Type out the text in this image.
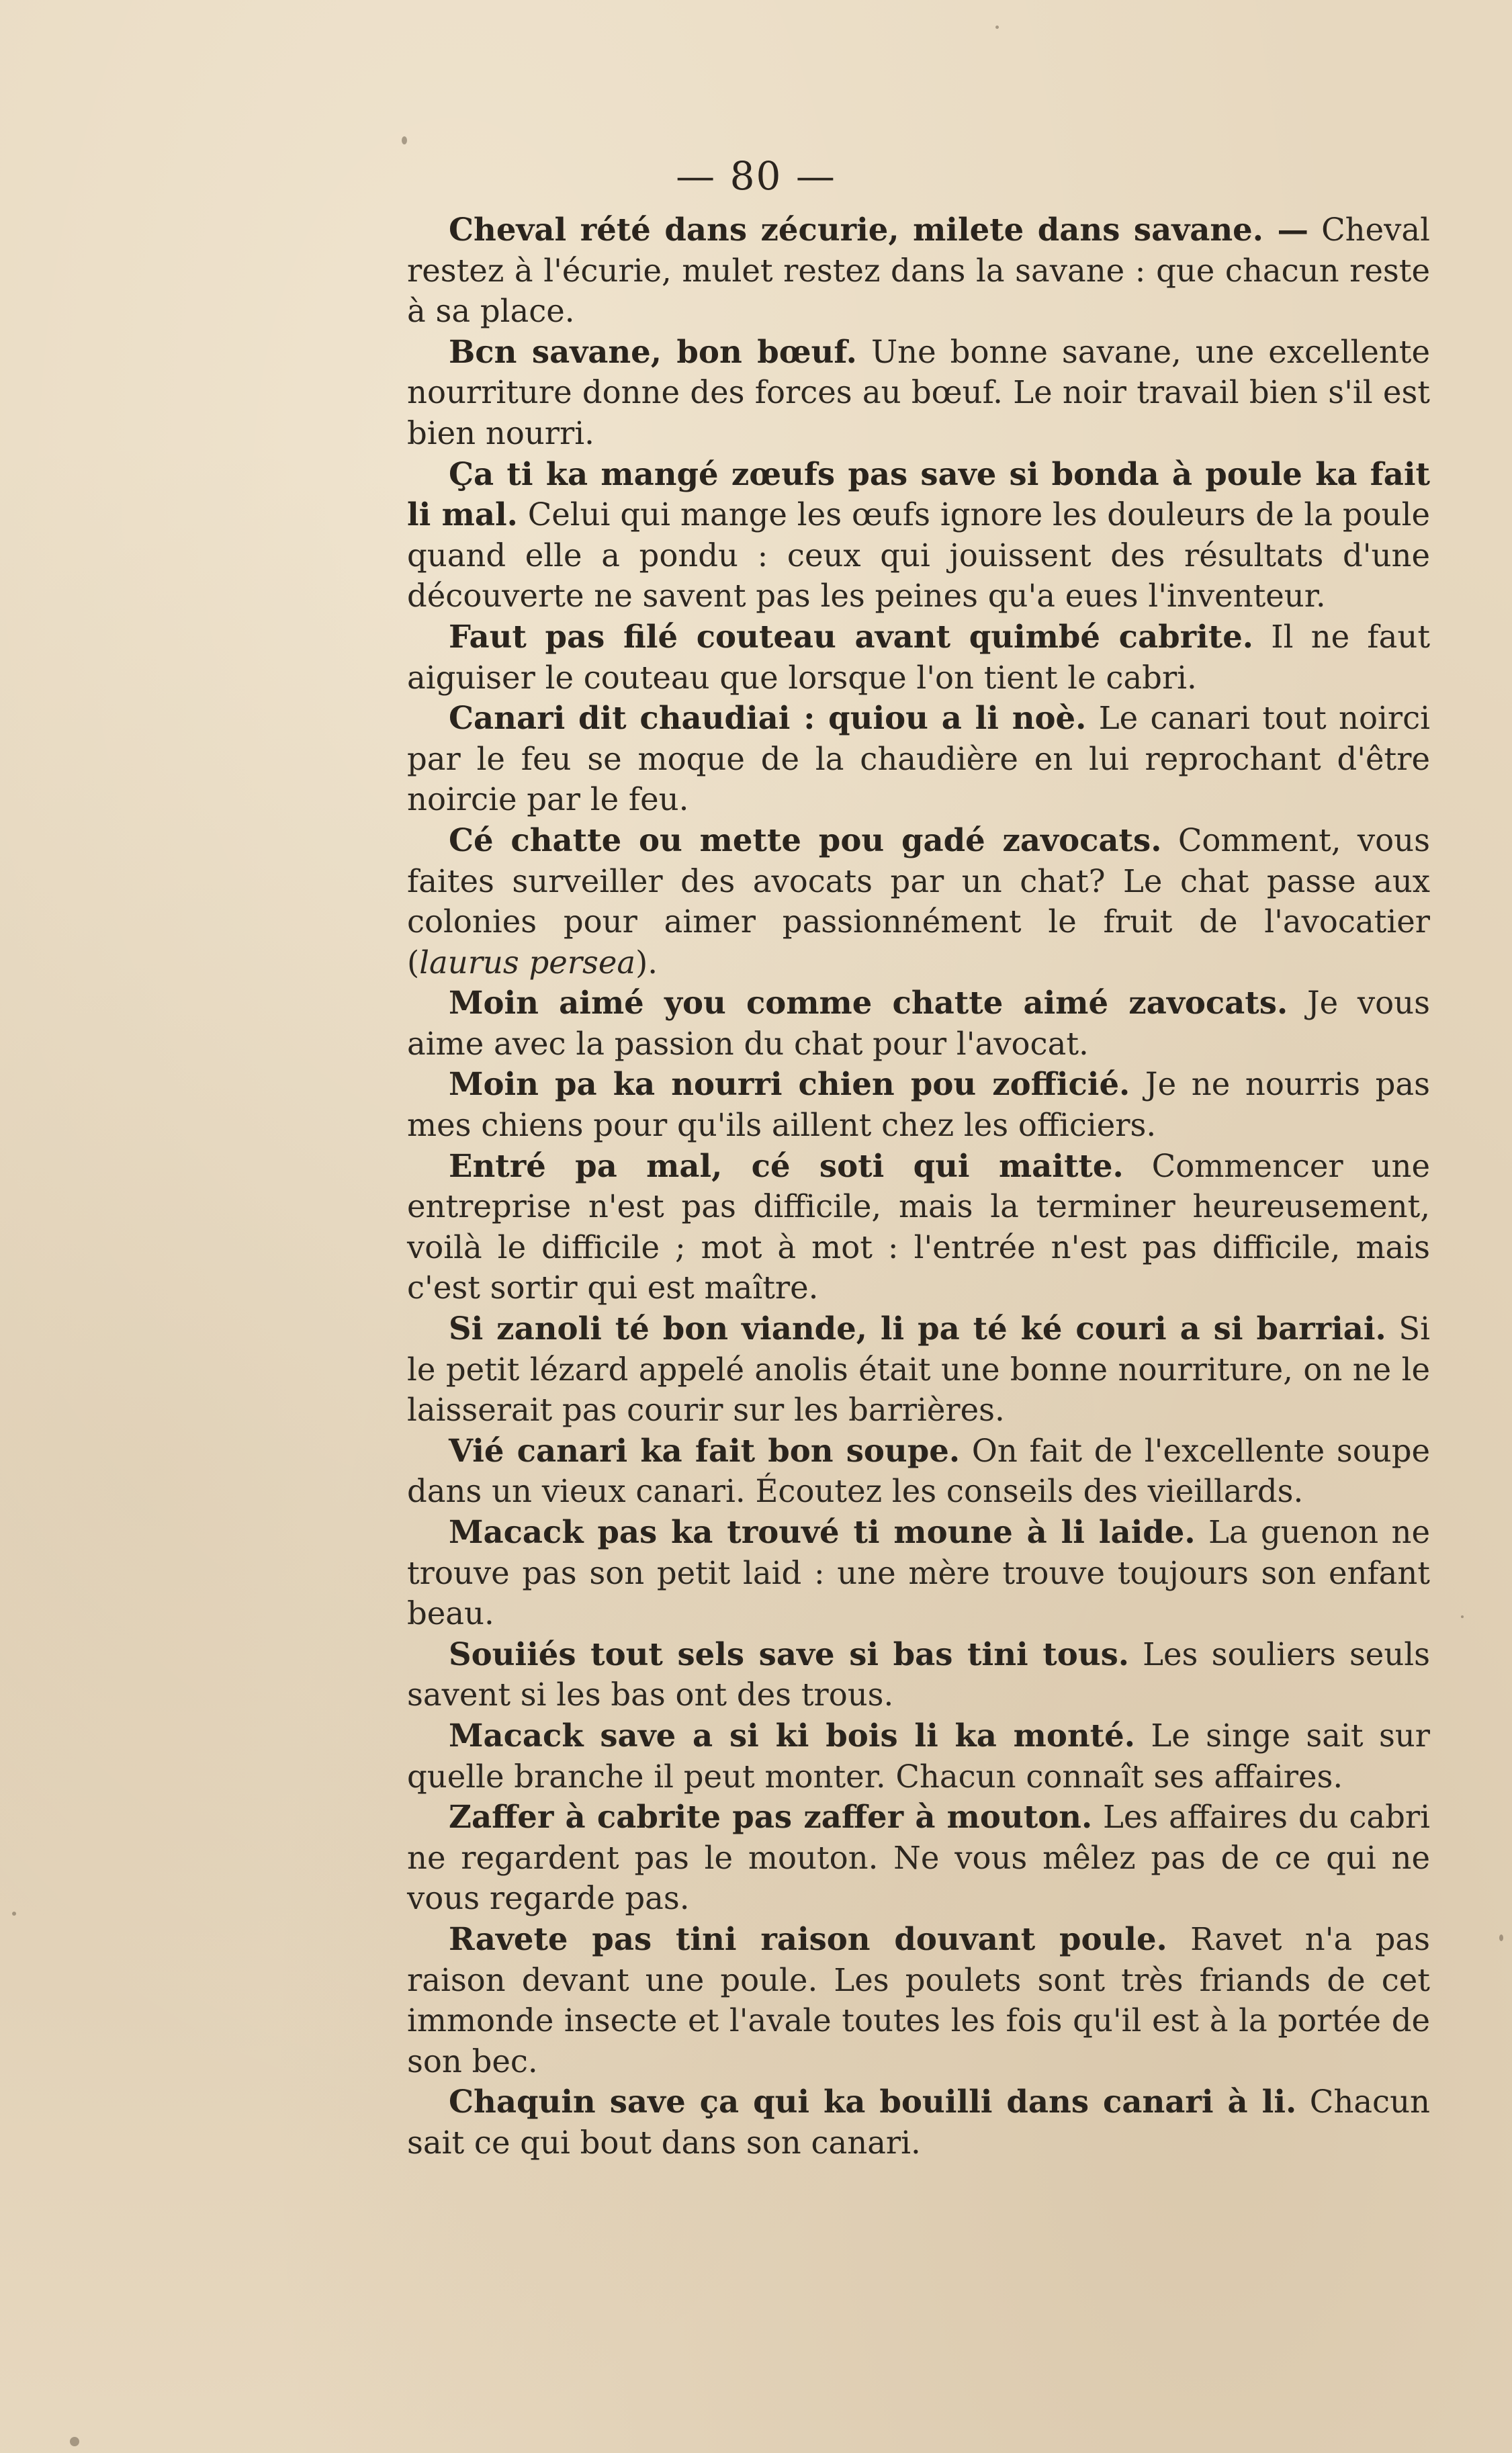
— 80 —

Cheval rété dans zécurie, milete dans savane. — Cheval restez à l'écurie, mulet restez dans la savane : que chacun reste à sa place.

Bcn savane, bon bœuf. Une bonne savane, une excellente nourriture donne des forces au bœuf. Le noir travail bien s'il est bien nourri.

Ça ti ka mangé zœufs pas save si bonda à poule ka fait li mal. Celui qui mange les œufs ignore les douleurs de la poule quand elle a pondu : ceux qui jouissent des résultats d'une découverte ne savent pas les peines qu'a eues l'inventeur.

Faut pas filé couteau avant quimbé cabrite. Il ne faut aiguiser le couteau que lorsque l'on tient le cabri.

Canari dit chaudiai : quiou a li noè. Le canari tout noirci par le feu se moque de la chaudière en lui reprochant d'être noircie par le feu.

Cé chatte ou mette pou gadé zavocats. Comment, vous faites surveiller des avocats par un chat? Le chat passe aux colonies pour aimer passionnément le fruit de l'avocatier (laurus persea).

Moin aimé you comme chatte aimé zavocats. Je vous aime avec la passion du chat pour l'avocat.

Moin pa ka nourri chien pou zofficié. Je ne nourris pas mes chiens pour qu'ils aillent chez les officiers.

Entré pa mal, cé soti qui maitte. Commencer une entreprise n'est pas difficile, mais la terminer heureusement, voilà le difficile ; mot à mot : l'entrée n'est pas difficile, mais c'est sortir qui est maître.

Si zanoli té bon viande, li pa té ké couri a si barriai. Si le petit lézard appelé anolis était une bonne nourriture, on ne le laisserait pas courir sur les barrières.

Vié canari ka fait bon soupe. On fait de l'excellente soupe dans un vieux canari. Écoutez les conseils des vieillards.

Macack pas ka trouvé ti moune à li laide. La guenon ne trouve pas son petit laid : une mère trouve toujours son enfant beau.

Souiiés tout sels save si bas tini tous. Les souliers seuls savent si les bas ont des trous.

Macack save a si ki bois li ka monté. Le singe sait sur quelle branche il peut monter. Chacun connaît ses affaires.

Zaffer à cabrite pas zaffer à mouton. Les affaires du cabri ne regardent pas le mouton. Ne vous mêlez pas de ce qui ne vous regarde pas.

Ravete pas tini raison douvant poule. Ravet n'a pas raison devant une poule. Les poulets sont très friands de cet immonde insecte et l'avale toutes les fois qu'il est à la portée de son bec.

Chaquin save ça qui ka bouilli dans canari à li. Chacun sait ce qui bout dans son canari.
